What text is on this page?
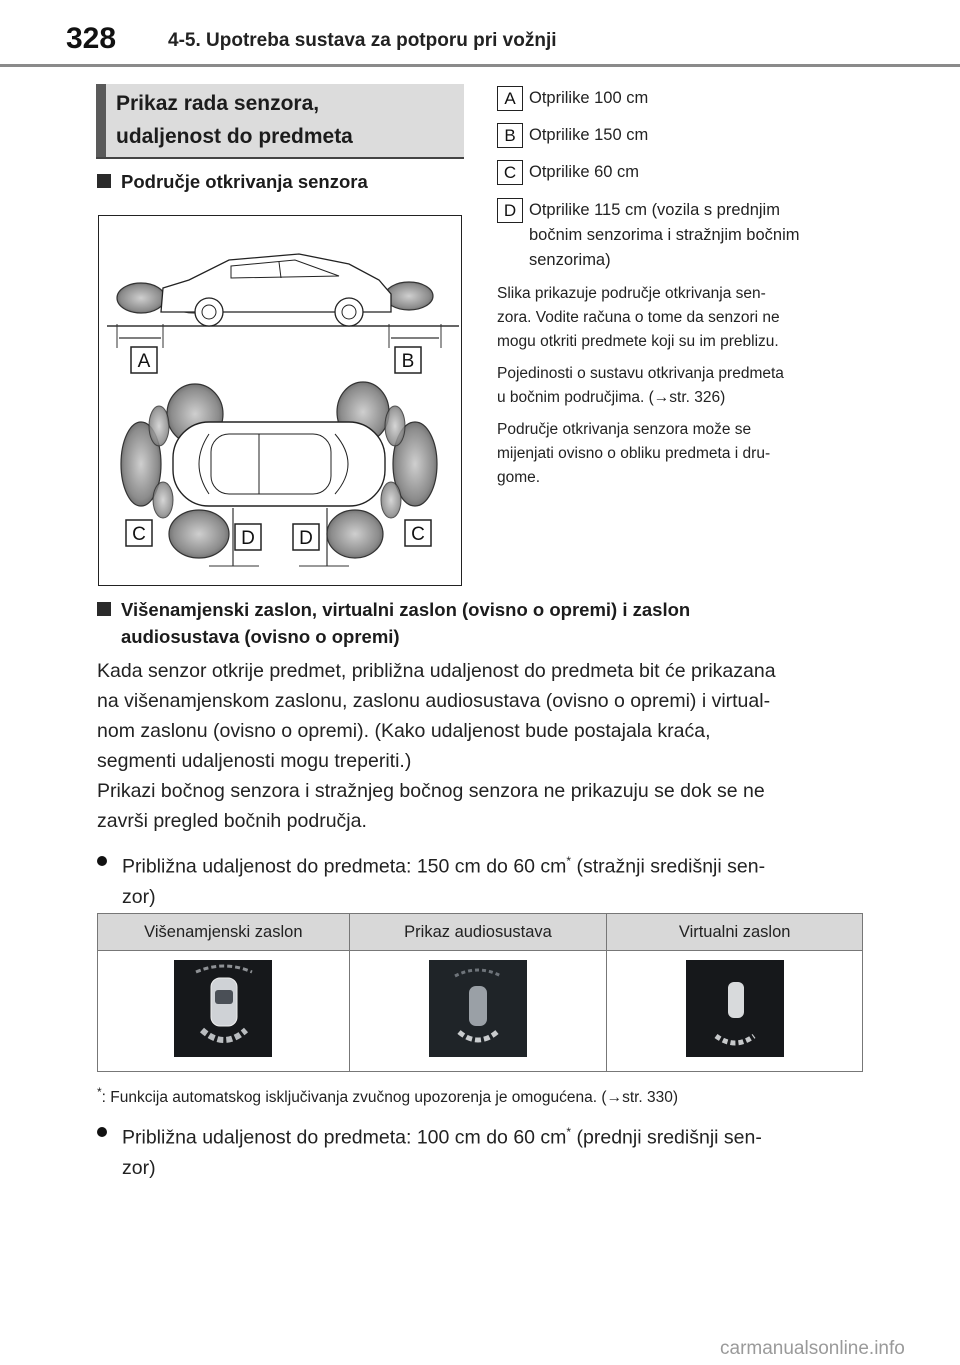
328	4-5. Upotreba sustava za potporu pri vožnji
Prikaz rada senzora,
udaljenost do predmeta
Područje otkrivanja senzora
A	B
C	D D	C
A Otprilike 100 cm
B Otprilike 150 cm
C Otprilike 60 cm
D Otprilike 115 cm (vozila s prednjim
bočnim senzorima i stražnjim bočnim
senzorima)
Slika prikazuje područje otkrivanja sen-
zora. Vodite računa o tome da senzori ne
mogu otkriti predmete koji su im preblizu.
Pojedinosti o sustavu otkrivanja predmeta
u bočnim područjima. (→str. 326)
Područje otkrivanja senzora može se
mijenjati ovisno o obliku predmeta i dru-
gome.
Višenamjenski zaslon, virtualni zaslon (ovisno o opremi) i zaslon
audiosustava (ovisno o opremi)
Kada senzor otkrije predmet, približna udaljenost do predmeta bit će prikazana
na višenamjenskom zaslonu, zaslonu audiosustava (ovisno o opremi) i virtual-
nom zaslonu (ovisno o opremi). (Kako udaljenost bude postajala kraća,
segmenti udaljenosti mogu treperiti.)
Prikazi bočnog senzora i stražnjeg bočnog senzora ne prikazuju se dok se ne
završi pregled bočnih područja.
Približna udaljenost do predmeta: 150 cm do 60 cm* (stražnji središnji sen-
zor)
Višenamjenski zaslon	Prikaz audiosustava	Virtualni zaslon

*: Funkcija automatskog isključivanja zvučnog upozorenja je omogućena. (→str. 330)
Približna udaljenost do predmeta: 100 cm do 60 cm* (prednji središnji sen-
zor)
carmanualsonline.info
